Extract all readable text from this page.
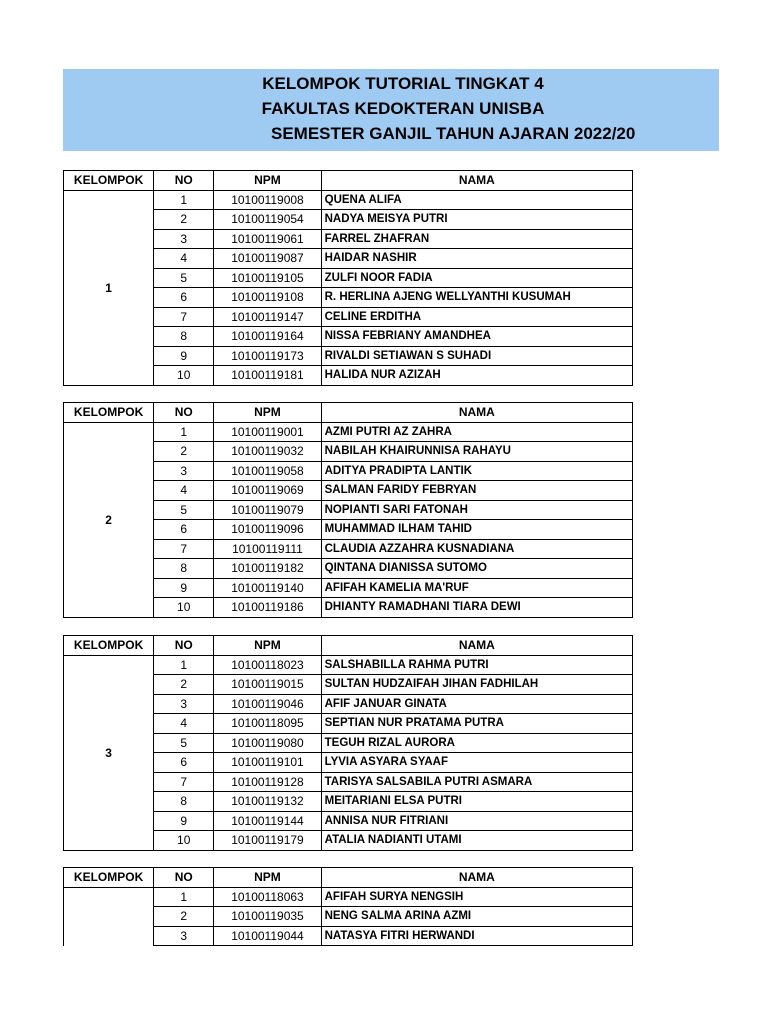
KELOMPOK TUTORIAL TINGKAT 4
FAKULTAS KEDOKTERAN UNISBA
SEMESTER GANJIL TAHUN AJARAN 2022/20
KELOMPOK	NO	NPM	NAMA
1	1	10100119008	QUENA ALIFA
	2	10100119054	NADYA MEISYA PUTRI
	3	10100119061	FARREL ZHAFRAN
	4	10100119087	HAIDAR NASHIR
	5	10100119105	ZULFI NOOR FADIA
	6	10100119108	R. HERLINA AJENG WELLYANTHI KUSUMAH
	7	10100119147	CELINE ERDITHA
	8	10100119164	NISSA FEBRIANY AMANDHEA
	9	10100119173	RIVALDI SETIAWAN S SUHADI
	10	10100119181	HALIDA NUR AZIZAH
KELOMPOK	NO	NPM	NAMA
2	1	10100119001	AZMI PUTRI AZ ZAHRA
	2	10100119032	NABILAH KHAIRUNNISA RAHAYU
	3	10100119058	ADITYA PRADIPTA LANTIK
	4	10100119069	SALMAN FARIDY FEBRYAN
	5	10100119079	NOPIANTI SARI FATONAH
	6	10100119096	MUHAMMAD ILHAM TAHID
	7	10100119111	CLAUDIA AZZAHRA KUSNADIANA
	8	10100119182	QINTANA DIANISSA SUTOMO
	9	10100119140	AFIFAH KAMELIA MA'RUF
	10	10100119186	DHIANTY RAMADHANI TIARA DEWI
KELOMPOK	NO	NPM	NAMA
3	1	10100118023	SALSHABILLA RAHMA PUTRI
	2	10100119015	SULTAN HUDZAIFAH JIHAN FADHILAH
	3	10100119046	AFIF JANUAR GINATA
	4	10100118095	SEPTIAN NUR PRATAMA PUTRA
	5	10100119080	TEGUH RIZAL AURORA
	6	10100119101	LYVIA ASYARA SYAAF
	7	10100119128	TARISYA SALSABILA PUTRI ASMARA
	8	10100119132	MEITARIANI ELSA PUTRI
	9	10100119144	ANNISA NUR FITRIANI
	10	10100119179	ATALIA NADIANTI UTAMI
KELOMPOK	NO	NPM	NAMA
	1	10100118063	AFIFAH SURYA NENGSIH
	2	10100119035	NENG SALMA ARINA AZMI
	3	10100119044	NATASYA FITRI HERWANDI
